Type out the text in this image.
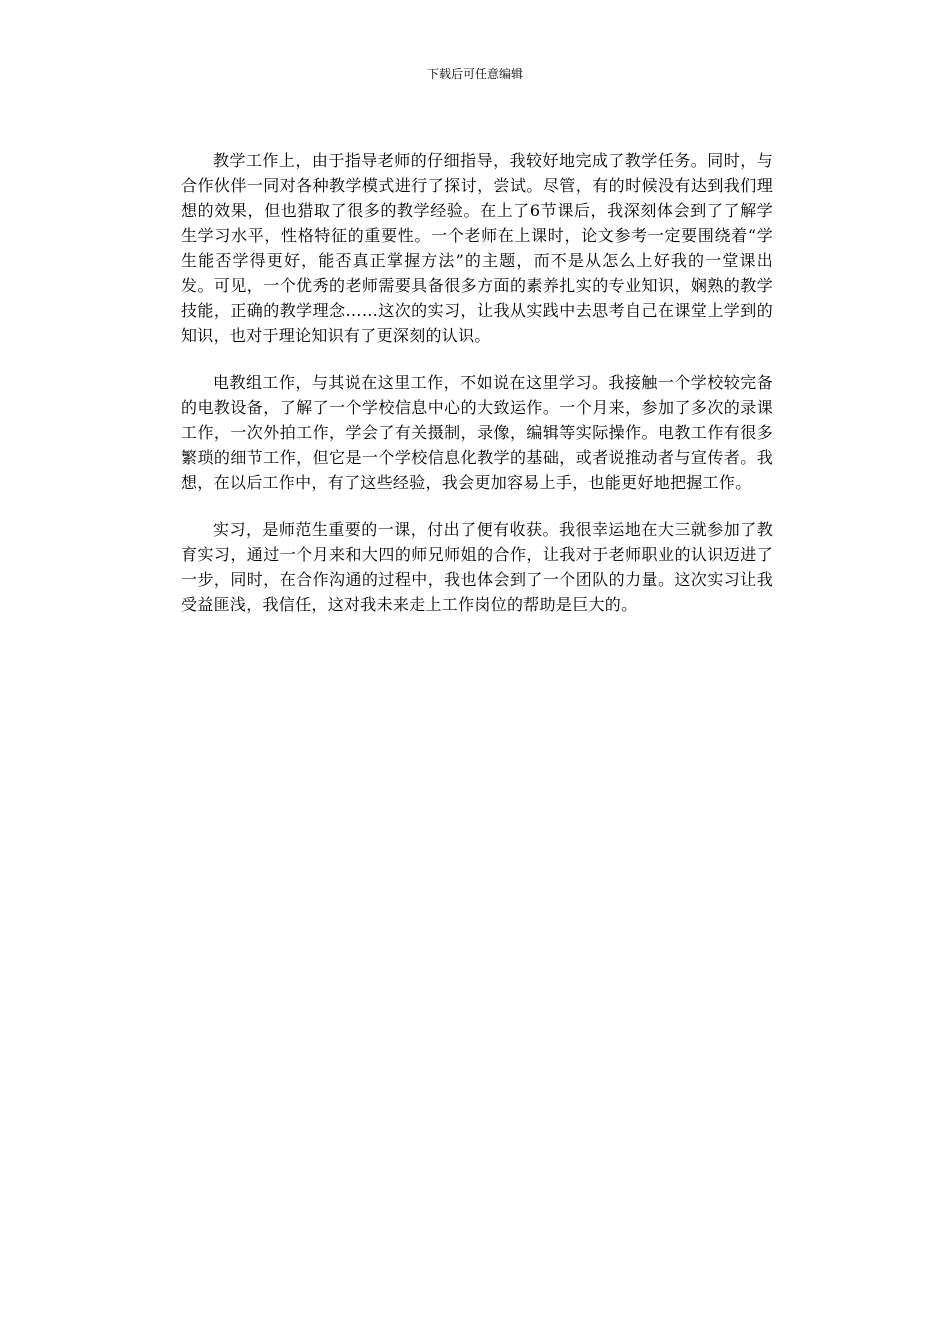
下载后可任意编辑

教学工作上，由于指导老师的仔细指导，我较好地完成了教学任务。同时，与合作伙伴一同对各种教学模式进行了探讨，尝试。尽管，有的时候没有达到我们理想的效果，但也猎取了很多的教学经验。在上了6节课后，我深刻体会到了了解学生学习水平，性格特征的重要性。一个老师在上课时，论文参考一定要围绕着“学生能否学得更好，能否真正掌握方法”的主题，而不是从怎么上好我的一堂课出发。可见，一个优秀的老师需要具备很多方面的素养扎实的专业知识，娴熟的教学技能，正确的教学理念……这次的实习，让我从实践中去思考自己在课堂上学到的知识，也对于理论知识有了更深刻的认识。

电教组工作，与其说在这里工作，不如说在这里学习。我接触一个学校较完备的电教设备，了解了一个学校信息中心的大致运作。一个月来，参加了多次的录课工作，一次外拍工作，学会了有关摄制，录像，编辑等实际操作。电教工作有很多繁琐的细节工作，但它是一个学校信息化教学的基础，或者说推动者与宣传者。我想，在以后工作中，有了这些经验，我会更加容易上手，也能更好地把握工作。

实习，是师范生重要的一课，付出了便有收获。我很幸运地在大三就参加了教育实习，通过一个月来和大四的师兄师姐的合作，让我对于老师职业的认识迈进了一步，同时，在合作沟通的过程中，我也体会到了一个团队的力量。这次实习让我受益匪浅，我信任，这对我未来走上工作岗位的帮助是巨大的。
